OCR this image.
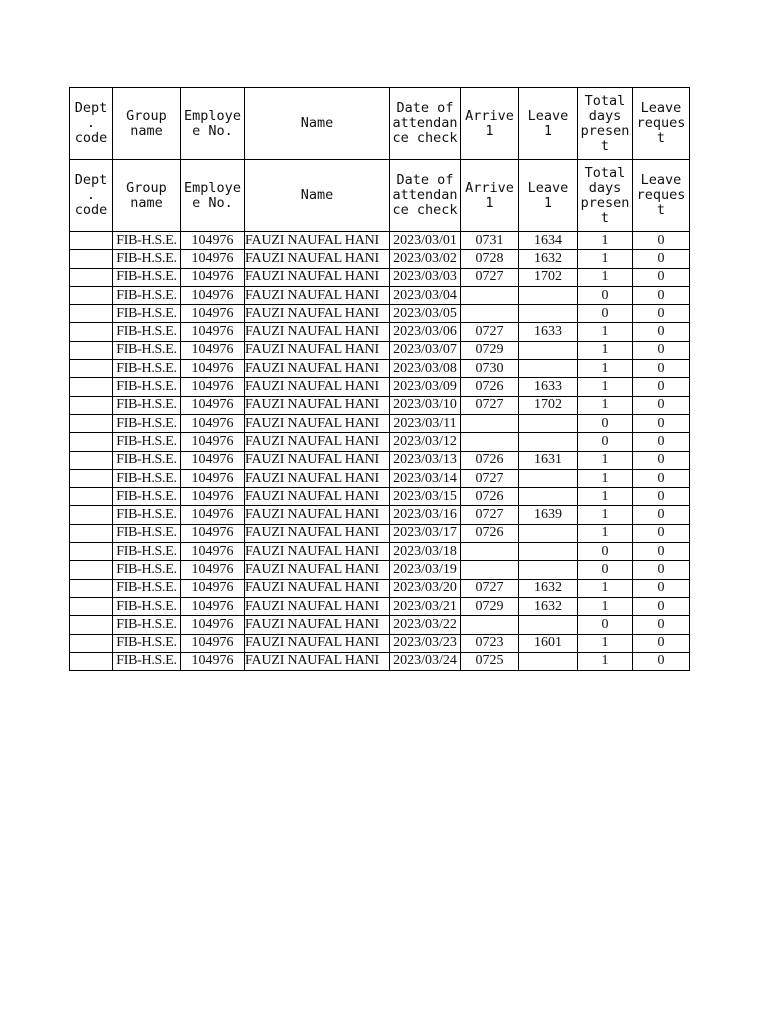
Dept
.
code	Group
name	Employe
e No.	Name	Date of
attendan
ce check	Arrive
1	Leave
1	Total
days
presen
t	Leave
reques
t

Dept
.
code	Group
name	Employe
e No.	Name	Date of
attendan
ce check	Arrive
1	Leave
1	Total
days
presen
t	Leave
reques
t

	FIB-H.S.E.	104976	FAUZI NAUFAL HANI	2023/03/01	0731	1634	1	0
	FIB-H.S.E.	104976	FAUZI NAUFAL HANI	2023/03/02	0728	1632	1	0
	FIB-H.S.E.	104976	FAUZI NAUFAL HANI	2023/03/03	0727	1702	1	0
	FIB-H.S.E.	104976	FAUZI NAUFAL HANI	2023/03/04			0	0
	FIB-H.S.E.	104976	FAUZI NAUFAL HANI	2023/03/05			0	0
	FIB-H.S.E.	104976	FAUZI NAUFAL HANI	2023/03/06	0727	1633	1	0
	FIB-H.S.E.	104976	FAUZI NAUFAL HANI	2023/03/07	0729		1	0
	FIB-H.S.E.	104976	FAUZI NAUFAL HANI	2023/03/08	0730		1	0
	FIB-H.S.E.	104976	FAUZI NAUFAL HANI	2023/03/09	0726	1633	1	0
	FIB-H.S.E.	104976	FAUZI NAUFAL HANI	2023/03/10	0727	1702	1	0
	FIB-H.S.E.	104976	FAUZI NAUFAL HANI	2023/03/11			0	0
	FIB-H.S.E.	104976	FAUZI NAUFAL HANI	2023/03/12			0	0
	FIB-H.S.E.	104976	FAUZI NAUFAL HANI	2023/03/13	0726	1631	1	0
	FIB-H.S.E.	104976	FAUZI NAUFAL HANI	2023/03/14	0727		1	0
	FIB-H.S.E.	104976	FAUZI NAUFAL HANI	2023/03/15	0726		1	0
	FIB-H.S.E.	104976	FAUZI NAUFAL HANI	2023/03/16	0727	1639	1	0
	FIB-H.S.E.	104976	FAUZI NAUFAL HANI	2023/03/17	0726		1	0
	FIB-H.S.E.	104976	FAUZI NAUFAL HANI	2023/03/18			0	0
	FIB-H.S.E.	104976	FAUZI NAUFAL HANI	2023/03/19			0	0
	FIB-H.S.E.	104976	FAUZI NAUFAL HANI	2023/03/20	0727	1632	1	0
	FIB-H.S.E.	104976	FAUZI NAUFAL HANI	2023/03/21	0729	1632	1	0
	FIB-H.S.E.	104976	FAUZI NAUFAL HANI	2023/03/22			0	0
	FIB-H.S.E.	104976	FAUZI NAUFAL HANI	2023/03/23	0723	1601	1	0
	FIB-H.S.E.	104976	FAUZI NAUFAL HANI	2023/03/24	0725		1	0
